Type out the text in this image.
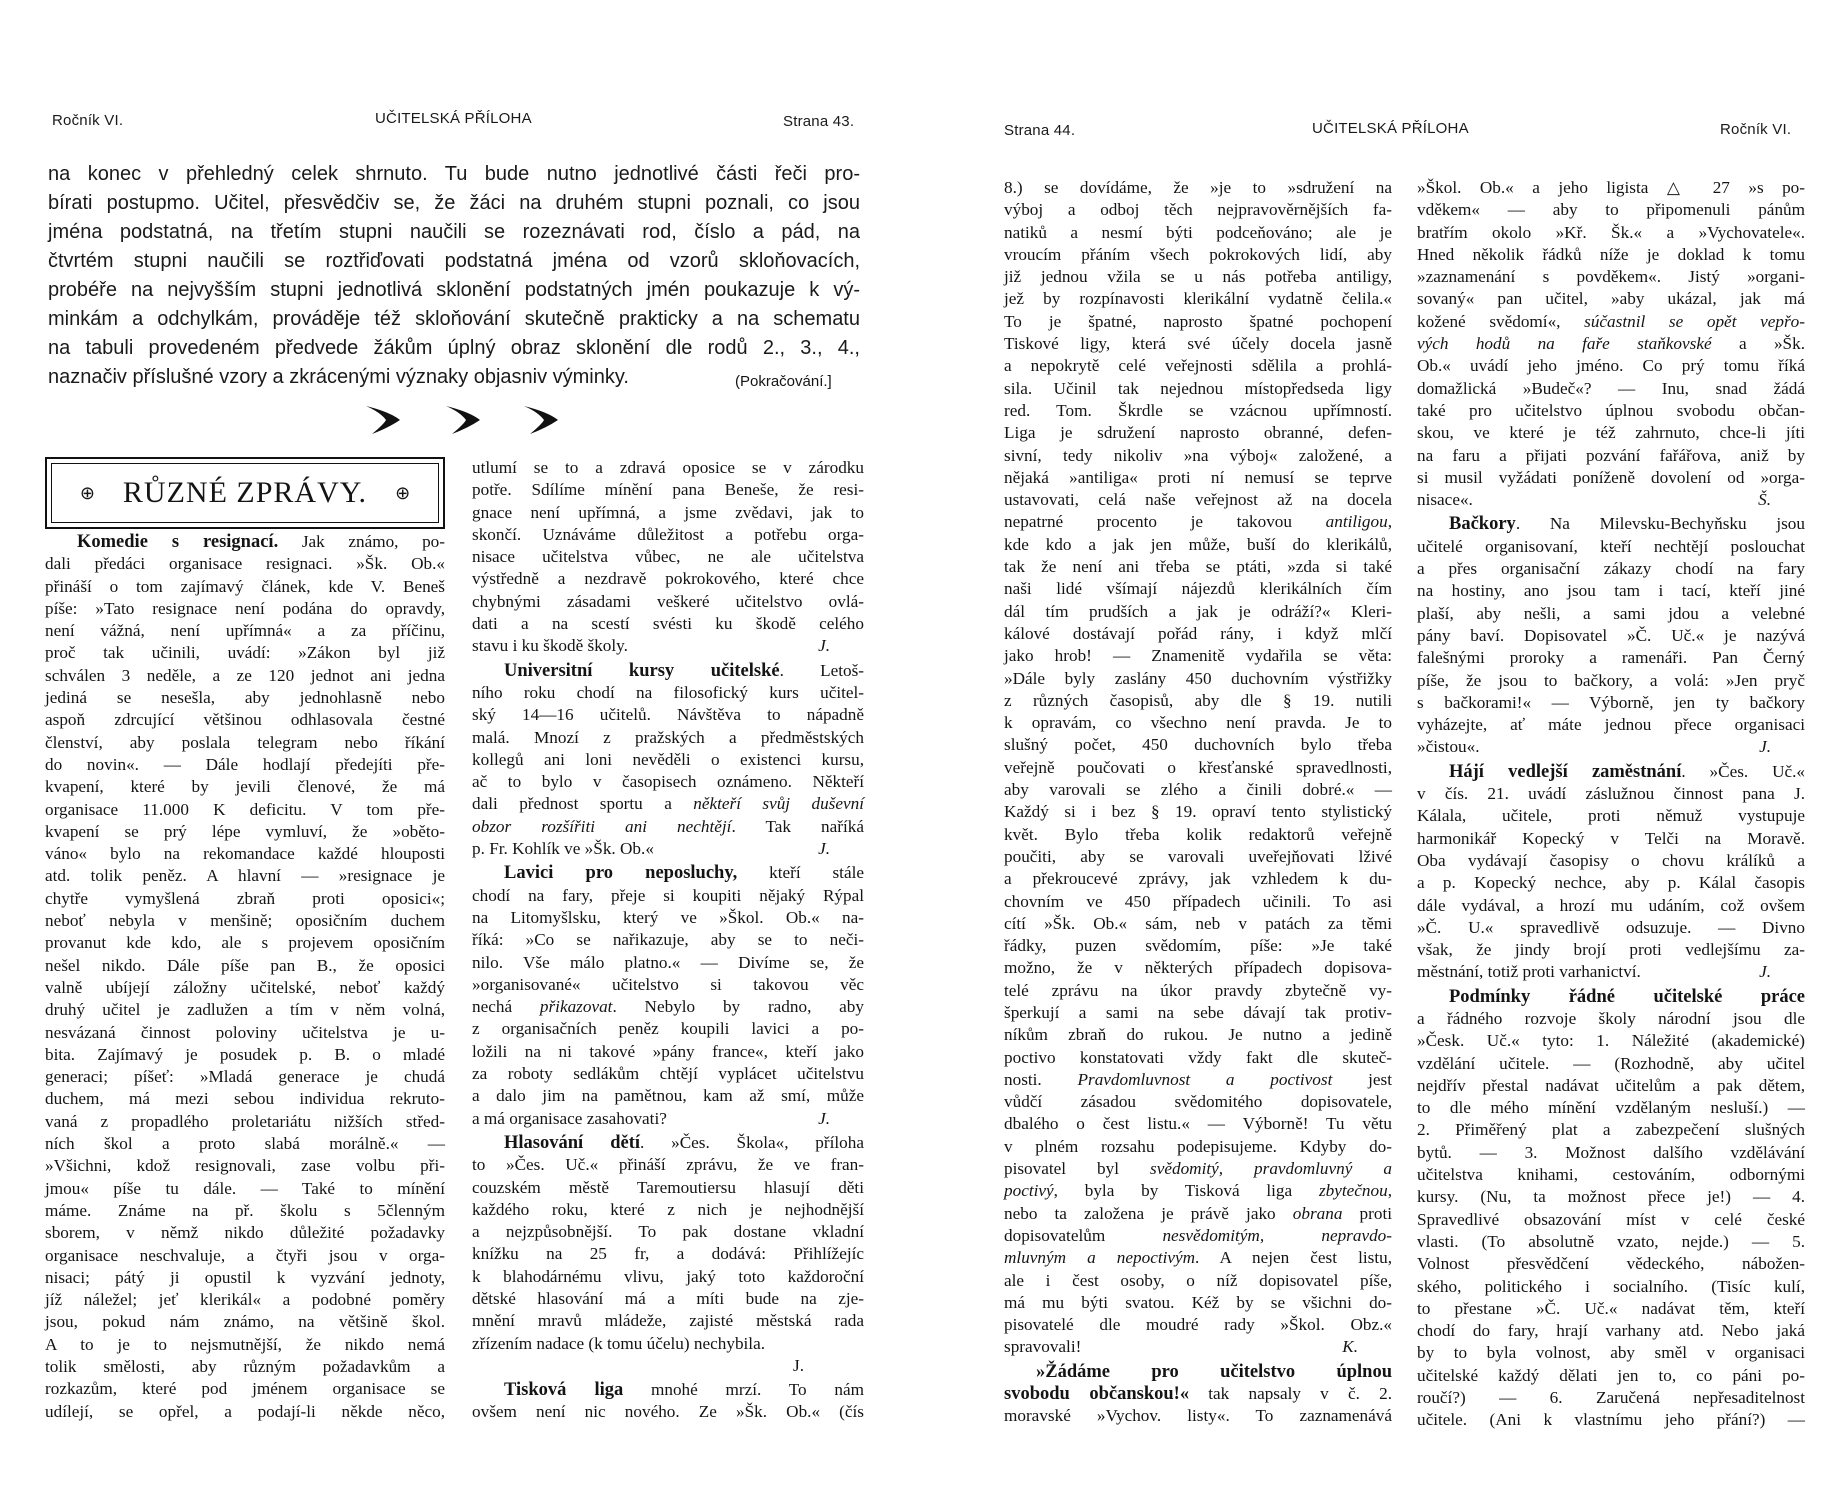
Ročník VI.	UČITELSKÁ PŘÍLOHA	Strana 43.
na konec v přehledný celek shrnuto. Tu bude nutno jednotlivé části řeči pro-
bírati postupmo. Učitel, přesvědčiv se, že žáci na druhém stupni poznali, co jsou
jména podstatná, na třetím stupni naučili se rozeznávati rod, číslo a pád, na
čtvrtém stupni naučili se roztřiďovati podstatná jména od vzorů skloňovacích,
probéře na nejvyšším stupni jednotlivá sklonění podstatných jmén poukazuje k vý-
minkám a odchylkám, prováděje též skloňování skutečně prakticky a na schematu
na tabuli provedeném předvede žákům úplný obraz sklonění dle rodů 2., 3., 4.,
naznačiv příslušné vzory a zkrácenými význaky objasniv výminky.	(Pokračování.]
⊕ RŮZNÉ ZPRÁVY. ⊕
Komedie s resignací. Jak známo, po-
dali předáci organisace resignaci. »Šk. Ob.«
přináší o tom zajímavý článek, kde V. Beneš
píše: »Tato resignace není podána do opravdy,
není vážná, není upřímná« a za příčinu,
proč tak učinili, uvádí: »Zákon byl již
schválen 3 neděle, a ze 120 jednot ani jedna
jediná se nesešla, aby jednohlasně nebo
aspoň zdrcující většinou odhlasovala čestné
členství, aby poslala telegram nebo říkání
do novin«. — Dále hodlají předejíti pře-
kvapení, které by jevili členové, že má
organisace 11.000 K deficitu. V tom pře-
kvapení se prý lépe vymluví, že »oběto-
váno« bylo na rekomandace každé hlouposti
atd. tolik peněz. A hlavní — »resignace je
chytře vymyšlená zbraň proti oposici«;
neboť nebyla v menšině; oposičním duchem
provanut kde kdo, ale s projevem oposičním
nešel nikdo. Dále píše pan B., že oposici
valně ubíjejí záložny učitelské, neboť každý
druhý učitel je zadlužen a tím v něm volná,
nesvázaná činnost poloviny učitelstva je u-
bita. Zajímavý je posudek p. B. o mladé
generaci; píšeť: »Mladá generace je chudá
duchem, má mezi sebou individua rekruto-
vaná z propadlého proletariátu nižších střed-
ních škol a proto slabá morálně.« —
»Všichni, kdož resignovali, zase volbu při-
jmou« píše tu dále. — Také to mínění
máme. Známe na př. školu s 5členným
sborem, v němž nikdo důležité požadavky
organisace neschvaluje, a čtyři jsou v orga-
nisaci; pátý ji opustil k vyzvání jednoty,
jíž náležel; jeť klerikál« a podobné poměry
jsou, pokud nám známo, na většině škol.
A to je to nejsmutnější, že nikdo nemá
tolik smělosti, aby různým požadavkům a
rozkazům, které pod jménem organisace se
udílejí, se opřel, a podají-li někde něco,
utlumí se to a zdravá oposice se v zárodku
potře. Sdílíme mínění pana Beneše, že resi-
gnace není upřímná, a jsme zvědavi, jak to
skončí. Uznáváme důležitost a potřebu orga-
nisace učitelstva vůbec, ne ale učitelstva
výstředně a nezdravě pokrokového, které chce
chybnými zásadami veškeré učitelstvo ovlá-
dati a na scestí svésti ku škodě celého
stavu i ku škodě školy.	J.
Universitní kursy učitelské. Letoš-
ního roku chodí na filosofický kurs učitel-
ský 14—16 učitelů. Návštěva to nápadně
malá. Mnozí z pražských a předměstských
kollegů ani loni nevěděli o existenci kursu,
ač to bylo v časopisech oznámeno. Někteří
dali přednost sportu a někteří svůj duševní
obzor rozšířiti ani nechtějí. Tak naříká
p. Fr. Kohlík ve »Šk. Ob.«	J.
Lavici pro neposluchy, kteří stále
chodí na fary, přeje si koupiti nějaký Rýpal
na Litomyšlsku, který ve »Škol. Ob.« na-
říká: »Co se nařikazuje, aby se to neči-
nilo. Vše málo platno.« — Divíme se, že
»organisované« učitelstvo si takovou věc
nechá přikazovat. Nebylo by radno, aby
z organisačních peněz koupili lavici a po-
ložili na ni takové »pány france«, kteří jako
za roboty sedlákům chtějí vyplácet učitelstvu
a dalo jim na pamětnou, kam až smí, může
a má organisace zasahovati?	J.
Hlasování dětí. »Čes. Škola«, příloha
to »Čes. Uč.« přináší zprávu, že ve fran-
couzském městě Taremoutiersu hlasují děti
každého roku, které z nich je nejhodnější
a nejzpůsobnější. To pak dostane vkladní
knížku na 25 fr, a dodává: Přihlížejíc
k blahodárnému vlivu, jaký toto každoroční
dětské hlasování má a míti bude na zje-
mnění mravů mládeže, zajisté městská rada
zřízením nadace (k tomu účelu) nechybila.
J.
Tisková liga mnohé mrzí. To nám
ovšem není nic nového. Ze »Šk. Ob.« (čís
Strana 44.	UČITELSKÁ PŘÍLOHA	Ročník VI.
8.) se dovídáme, že »je to »sdružení na
výboj a odboj těch nejpravověrnějších fa-
natiků a nesmí býti podceňováno; ale je
vroucím přáním všech pokrokových lidí, aby
již jednou vžila se u nás potřeba antiligy,
jež by rozpínavosti klerikální vydatně čelila.«
To je špatné, naprosto špatné pochopení
Tiskové ligy, která své účely docela jasně
a nepokrytě celé veřejnosti sdělila a prohlá-
sila. Učinil tak nejednou místopředseda ligy
red. Tom. Škrdle se vzácnou upřímností.
Liga je sdružení naprosto obranné, defen-
sivní, tedy nikoliv »na výboj« založené, a
nějaká »antiliga« proti ní nemusí se teprve
ustavovati, celá naše veřejnost až na docela
nepatrné procento je takovou antiligou,
kde kdo a jak jen může, buší do klerikálů,
tak že není ani třeba se ptáti, »zda si také
naši lidé všímají nájezdů klerikálních čím
dál tím prudších a jak je odráží?« Kleri-
kálové dostávají pořád rány, i když mlčí
jako hrob! — Znamenitě vydařila se věta:
»Dále byly zaslány 450 duchovním výstřižky
z různých časopisů, aby dle § 19. nutili
k opravám, co všechno není pravda. Je to
slušný počet, 450 duchovních bylo třeba
veřejně poučovati o křesťanské spravedlnosti,
aby varovali se zlého a činili dobré.« —
Každý si i bez § 19. opraví tento stylistický
květ. Bylo třeba kolik redaktorů veřejně
poučiti, aby se varovali uveřejňovati lživé
a překroucevé zprávy, jak vzhledem k du-
chovním ve 450 případech učinili. To asi
cítí »Šk. Ob.« sám, neb v patách za těmi
řádky, puzen svědomím, píše: »Je také
možno, že v některých případech dopisova-
telé zprávu na úkor pravdy zbytečně vy-
šperkují a sami na sebe dávají tak protiv-
níkům zbraň do rukou. Je nutno a jedině
poctivo konstatovati vždy fakt dle skuteč-
nosti. Pravdomluvnost a poctivost jest
vůdčí zásadou svědomitého dopisovatele,
dbalého o čest listu.« — Výborně! Tu větu
v plném rozsahu podepisujeme. Kdyby do-
pisovatel byl svědomitý, pravdomluvný a
poctivý, byla by Tisková liga zbytečnou,
nebo ta založena je právě jako obrana proti
dopisovatelům nesvědomitým, nepravdo-
mluvným a nepoctivým. A nejen čest listu,
ale i čest osoby, o níž dopisovatel píše,
má mu býti svatou. Kéž by se všichni do-
pisovatelé dle moudré rady »Škol. Obz.«
spravovali!	K.
»Žádáme pro učitelstvo úplnou
svobodu občanskou!« tak napsaly v č. 2.
moravské »Vychov. listy«. To zaznamenává
»Škol. Ob.« a jeho ligista △ 27 »s po-
vděkem« — aby to připomenuli pánům
bratřím okolo »Kř. Šk.« a »Vychovatele«.
Hned několik řádků níže je doklad k tomu
»zaznamenání s povděkem«. Jistý »organi-
sovaný« pan učitel, »aby ukázal, jak má
kožené svědomí«, súčastnil se opět vepřo-
vých hodů na faře staňkovské a »Šk.
Ob.« uvádí jeho jméno. Co prý tomu říká
domažlická »Budeč«? — Inu, snad žádá
také pro učitelstvo úplnou svobodu občan-
skou, ve které je též zahrnuto, chce-li jíti
na faru a přijati pozvání fařářova, aniž by
si musil vyžádati poníženě dovolení od »orga-
nisace«.	Š.
Bačkory. Na Milevsku-Bechyňsku jsou
učitelé organisovaní, kteří nechtějí poslouchat
a přes organisační zákazy chodí na fary
na hostiny, ano jsou tam i tací, kteří jiné
plaší, aby nešli, a sami jdou a velebné
pány baví. Dopisovatel »Č. Uč.« je nazývá
falešnými proroky a ramenáři. Pan Černý
píše, že jsou to bačkory, a volá: »Jen pryč
s bačkorami!« — Výborně, jen ty bačkory
vyházejte, ať máte jednou přece organisaci
»čistou«.	J.
Hájí vedlejší zaměstnání. »Čes. Uč.«
v čís. 21. uvádí záslužnou činnost pana J.
Kálala, učitele, proti němuž vystupuje
harmonikář Kopecký v Telči na Moravě.
Oba vydávají časopisy o chovu králíků a
a p. Kopecký nechce, aby p. Kálal časopis
dále vydával, a hrozí mu udáním, což ovšem
»Č. U.« spravedlivě odsuzuje. — Divno
však, že jindy brojí proti vedlejšímu za-
městnání, totiž proti varhanictví.	J.
Podmínky řádné učitelské práce
a řádného rozvoje školy národní jsou dle
»Česk. Uč.« tyto: 1. Náležité (akademické)
vzdělání učitele. — (Rozhodně, aby učitel
nejdřív přestal nadávat učitelům a pak dětem,
to dle mého mínění vzdělaným nesluší.) —
2. Přiměřený plat a zabezpečení slušných
bytů. — 3. Možnost dalšího vzdělávání
učitelstva knihami, cestováním, odbornými
kursy. (Nu, ta možnost přece je!) — 4.
Spravedlivé obsazování míst v celé české
vlasti. (To absolutně vzato, nejde.) — 5.
Volnost přesvědčení vědeckého, nábožen-
ského, politického i socialního. (Tisíc kulí,
to přestane »Č. Uč.« nadávat těm, kteří
chodí do fary, hrají varhany atd. Nebo jaká
by to byla volnost, aby směl v organisaci
učitelské každý dělati jen to, co páni po-
roučí?) — 6. Zaručená nepřesaditelnost
učitele. (Ani k vlastnímu jeho přání?) —
